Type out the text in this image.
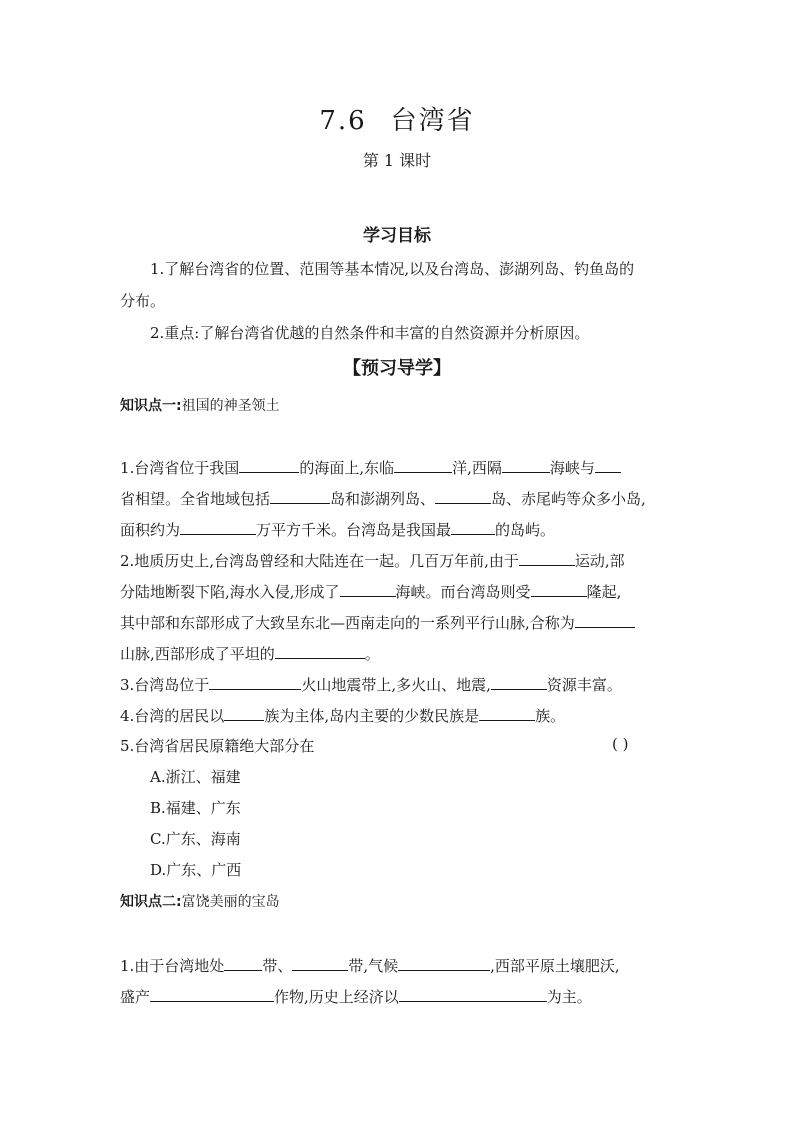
7.6 台湾省
第 1 课时
学习目标
1.了解台湾省的位置、范围等基本情况,以及台湾岛、澎湖列岛、钓鱼岛的
分布。
2.重点:了解台湾省优越的自然条件和丰富的自然资源并分析原因。
【预习导学】
知识点一:祖国的神圣领土
1.台湾省位于我国	的海面上,东临	洋,西隔	海峡与
省相望。全省地域包括	岛和澎湖列岛、	岛、赤尾屿等众多小岛,
面积约为	万平方千米。台湾岛是我国最	的岛屿。
2.地质历史上,台湾岛曾经和大陆连在一起。几百万年前,由于	运动,部
分陆地断裂下陷,海水入侵,形成了	海峡。而台湾岛则受	隆起,
其中部和东部形成了大致呈东北—西南走向的一系列平行山脉,合称为
山脉,西部形成了平坦的	。
3.台湾岛位于	火山地震带上,多火山、地震,	资源丰富。
4.台湾的居民以	族为主体,岛内主要的少数民族是	族。
5.台湾省居民原籍绝大部分在	( )
A.浙江、福建
B.福建、广东
C.广东、海南
D.广东、广西
知识点二:富饶美丽的宝岛
1.由于台湾地处	带、	带,气候	,西部平原土壤肥沃,
盛产	作物,历史上经济以	为主。
